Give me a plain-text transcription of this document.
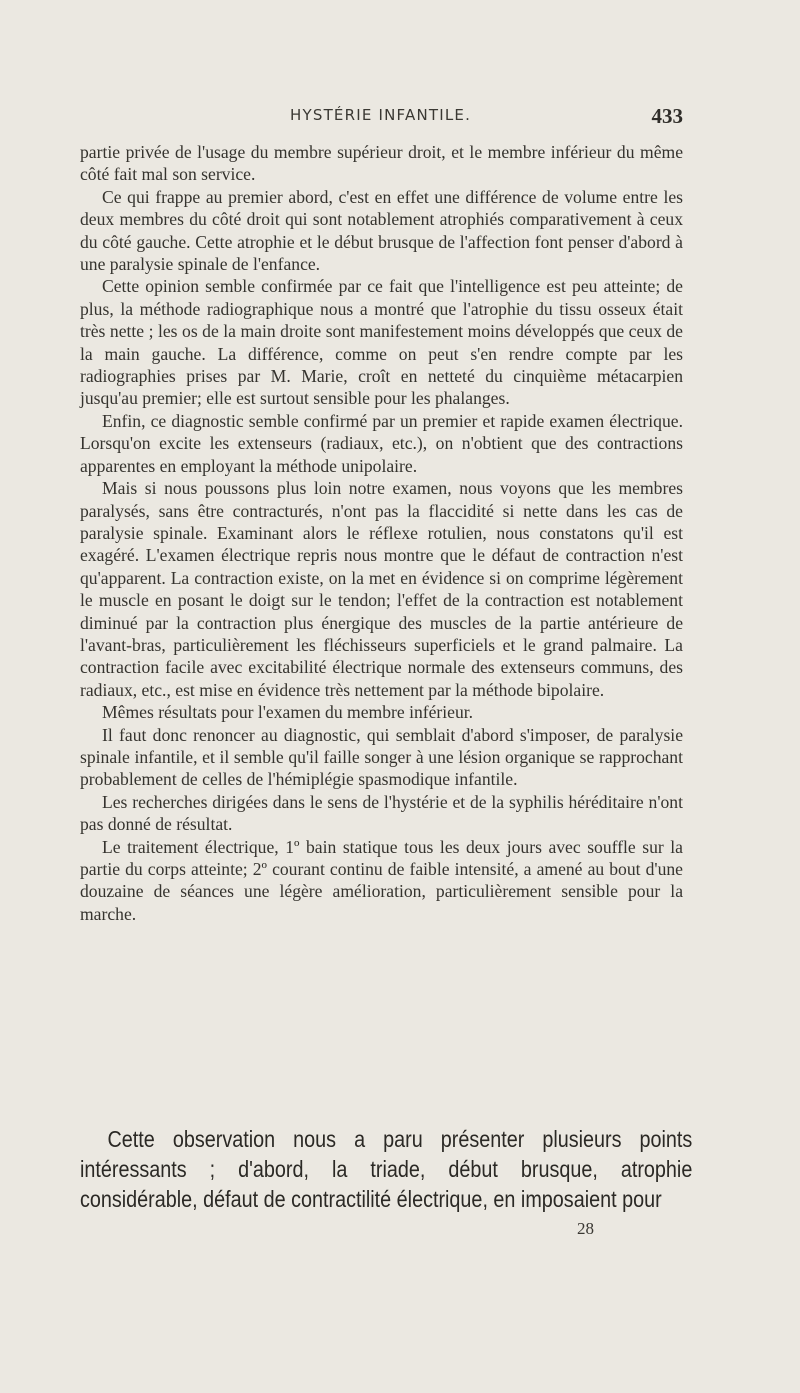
HYSTÉRIE INFANTILE.	433

partie privée de l'usage du membre supérieur droit, et le membre inférieur du même côté fait mal son service.

Ce qui frappe au premier abord, c'est en effet une différence de volume entre les deux membres du côté droit qui sont notablement atrophiés comparativement à ceux du côté gauche. Cette atrophie et le début brusque de l'affection font penser d'abord à une paralysie spinale de l'enfance.

Cette opinion semble confirmée par ce fait que l'intelligence est peu atteinte; de plus, la méthode radiographique nous a montré que l'atrophie du tissu osseux était très nette ; les os de la main droite sont manifestement moins développés que ceux de la main gauche. La différence, comme on peut s'en rendre compte par les radiographies prises par M. Marie, croît en netteté du cinquième métacarpien jusqu'au premier; elle est surtout sensible pour les phalanges.

Enfin, ce diagnostic semble confirmé par un premier et rapide examen électrique. Lorsqu'on excite les extenseurs (radiaux, etc.), on n'obtient que des contractions apparentes en employant la méthode unipolaire.

Mais si nous poussons plus loin notre examen, nous voyons que les membres paralysés, sans être contracturés, n'ont pas la flaccidité si nette dans les cas de paralysie spinale. Examinant alors le réflexe rotulien, nous constatons qu'il est exagéré. L'examen électrique repris nous montre que le défaut de contraction n'est qu'apparent. La contraction existe, on la met en évidence si on comprime légèrement le muscle en posant le doigt sur le tendon; l'effet de la contraction est notablement diminué par la contraction plus énergique des muscles de la partie antérieure de l'avant-bras, particulièrement les fléchisseurs superficiels et le grand palmaire. La contraction facile avec excitabilité électrique normale des extenseurs communs, des radiaux, etc., est mise en évidence très nettement par la méthode bipolaire.

Mêmes résultats pour l'examen du membre inférieur.

Il faut donc renoncer au diagnostic, qui semblait d'abord s'imposer, de paralysie spinale infantile, et il semble qu'il faille songer à une lésion organique se rapprochant probablement de celles de l'hémiplégie spasmodique infantile.

Les recherches dirigées dans le sens de l'hystérie et de la syphilis héréditaire n'ont pas donné de résultat.

Le traitement électrique, 1º bain statique tous les deux jours avec souffle sur la partie du corps atteinte; 2º courant continu de faible intensité, a amené au bout d'une douzaine de séances une légère amélioration, particulièrement sensible pour la marche.

Cette observation nous a paru présenter plusieurs points intéressants ; d'abord, la triade, début brusque, atrophie considérable, défaut de contractilité électrique, en imposaient pour
28
